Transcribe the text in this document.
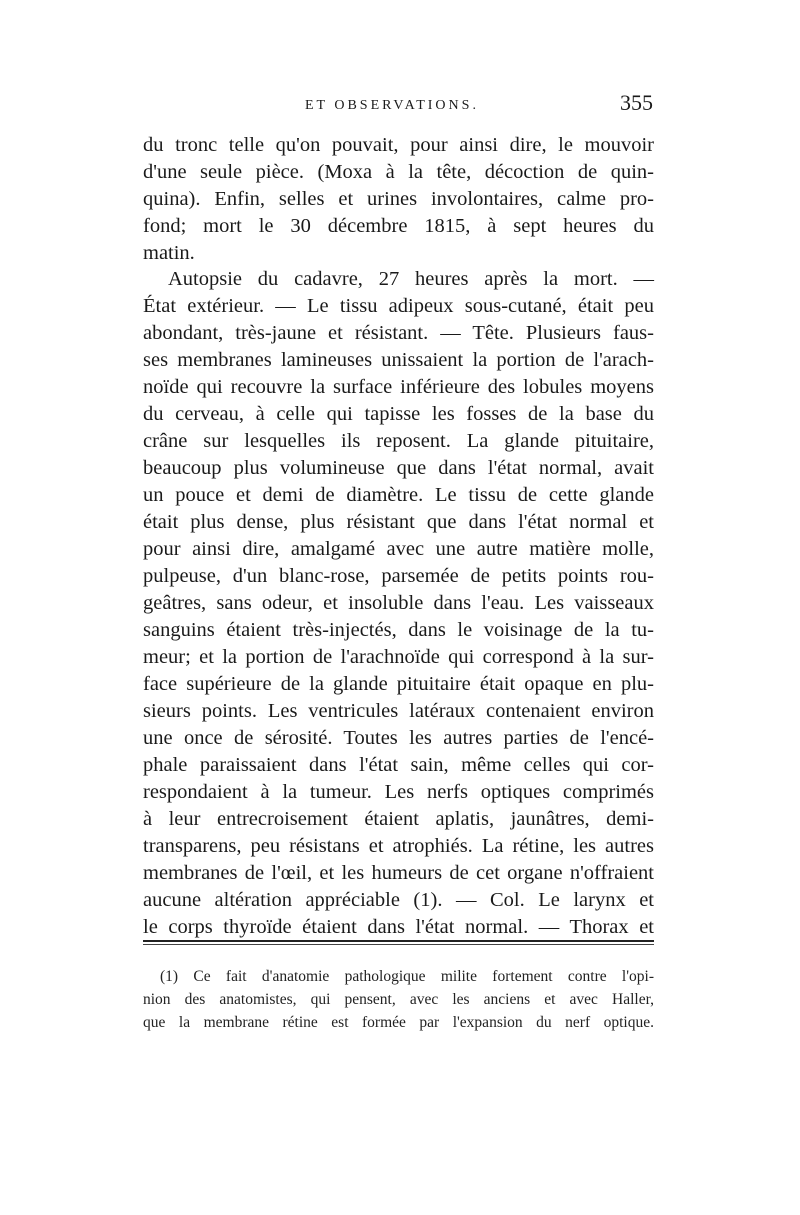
ET OBSERVATIONS.	355
du tronc telle qu'on pouvait, pour ainsi dire, le mouvoir
d'une seule pièce. (Moxa à la tête, décoction de quin-
quina). Enfin, selles et urines involontaires, calme pro-
fond; mort le 30 décembre 1815, à sept heures du
matin.
Autopsie du cadavre, 27 heures après la mort. —
État extérieur. — Le tissu adipeux sous-cutané, était peu
abondant, très-jaune et résistant. — Tête. Plusieurs faus-
ses membranes lamineuses unissaient la portion de l'arach-
noïde qui recouvre la surface inférieure des lobules moyens
du cerveau, à celle qui tapisse les fosses de la base du
crâne sur lesquelles ils reposent. La glande pituitaire,
beaucoup plus volumineuse que dans l'état normal, avait
un pouce et demi de diamètre. Le tissu de cette glande
était plus dense, plus résistant que dans l'état normal et
pour ainsi dire, amalgamé avec une autre matière molle,
pulpeuse, d'un blanc-rose, parsemée de petits points rou-
geâtres, sans odeur, et insoluble dans l'eau. Les vaisseaux
sanguins étaient très-injectés, dans le voisinage de la tu-
meur; et la portion de l'arachnoïde qui correspond à la sur-
face supérieure de la glande pituitaire était opaque en plu-
sieurs points. Les ventricules latéraux contenaient environ
une once de sérosité. Toutes les autres parties de l'encé-
phale paraissaient dans l'état sain, même celles qui cor-
respondaient à la tumeur. Les nerfs optiques comprimés
à leur entrecroisement étaient aplatis, jaunâtres, demi-
transparens, peu résistans et atrophiés. La rétine, les autres
membranes de l'œil, et les humeurs de cet organe n'offraient
aucune altération appréciable (1). — Col. Le larynx et
le corps thyroïde étaient dans l'état normal. — Thorax et
(1) Ce fait d'anatomie pathologique milite fortement contre l'opi-
nion des anatomistes, qui pensent, avec les anciens et avec Haller,
que la membrane rétine est formée par l'expansion du nerf optique.
